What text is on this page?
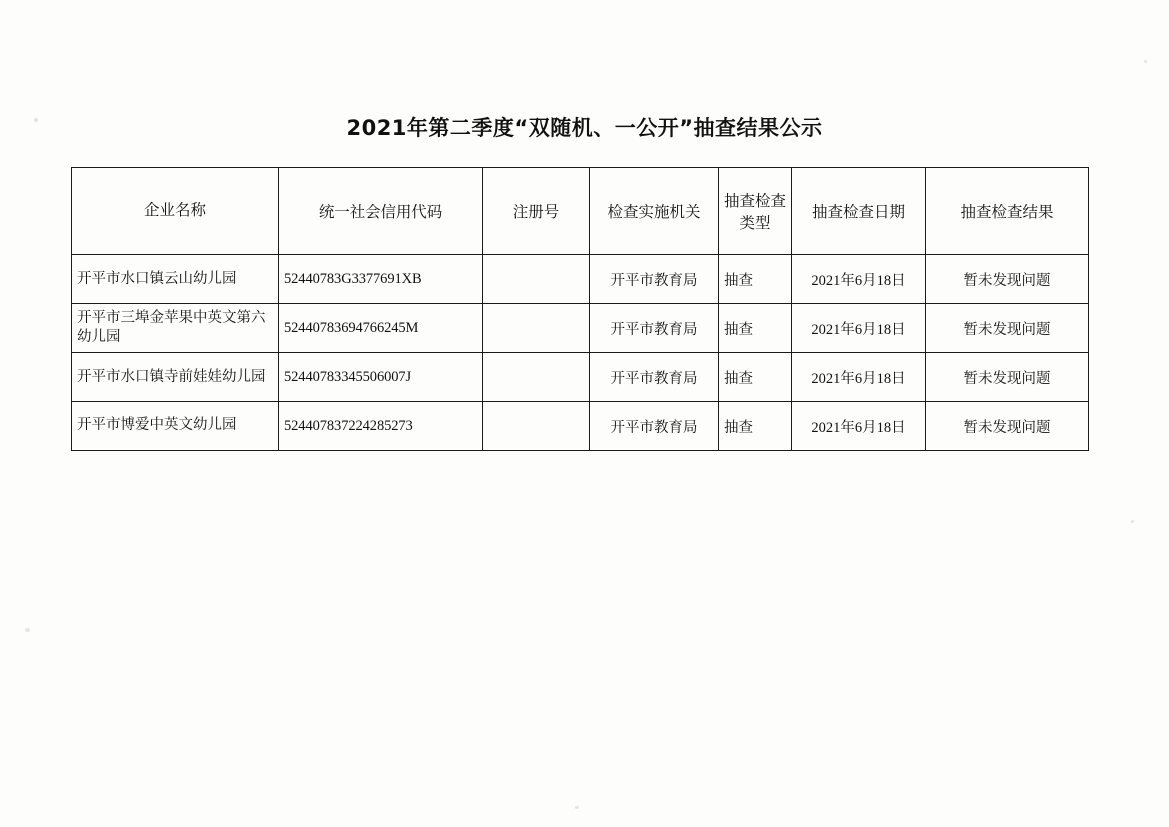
2021年第二季度“双随机、一公开”抽查结果公示
企业名称	统一社会信用代码	注册号	检查实施机关	抽查检查类型	抽查检查日期	抽查检查结果
开平市水口镇云山幼儿园	52440783G3377691XB		开平市教育局	抽查	2021年6月18日	暂未发现问题
开平市三埠金苹果中英文第六幼儿园	52440783694766245M		开平市教育局	抽查	2021年6月18日	暂未发现问题
开平市水口镇寺前娃娃幼儿园	52440783345506007J		开平市教育局	抽查	2021年6月18日	暂未发现问题
开平市博爱中英文幼儿园	524407837224285273		开平市教育局	抽查	2021年6月18日	暂未发现问题
